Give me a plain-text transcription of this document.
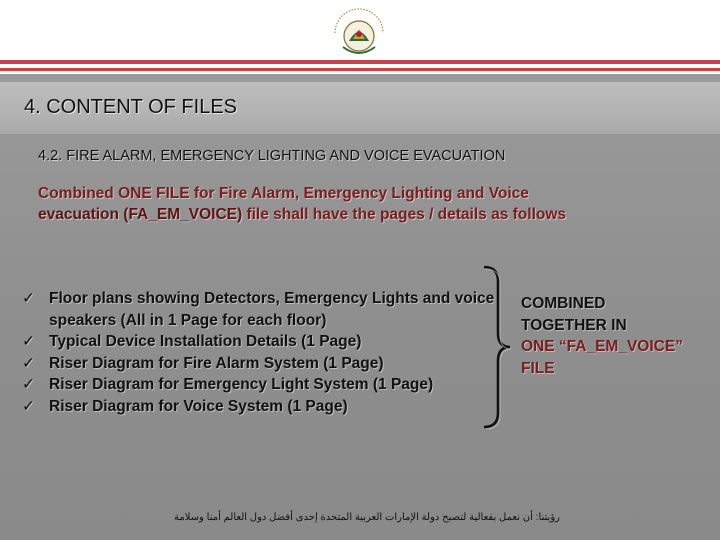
4. CONTENT OF FILES
4.2. FIRE ALARM, EMERGENCY LIGHTING AND VOICE EVACUATION

Combined ONE FILE for Fire Alarm, Emergency Lighting and Voice
evacuation (FA_EM_VOICE) file shall have the pages / details as follows

✓ Floor plans showing Detectors, Emergency Lights and voice speakers (All in 1 Page for each floor)
✓ Typical Device Installation Details (1 Page)
✓ Riser Diagram for Fire Alarm System (1 Page)
✓ Riser Diagram for Emergency Light System (1 Page)
✓ Riser Diagram for Voice System (1 Page)

COMBINED
TOGETHER IN
ONE “FA_EM_VOICE”
FILE

رؤيتنا: أن نعمل بفعالية لتصبح دولة الإمارات العربية المتحدة إحدى أفضل دول العالم أمنا وسلامة
